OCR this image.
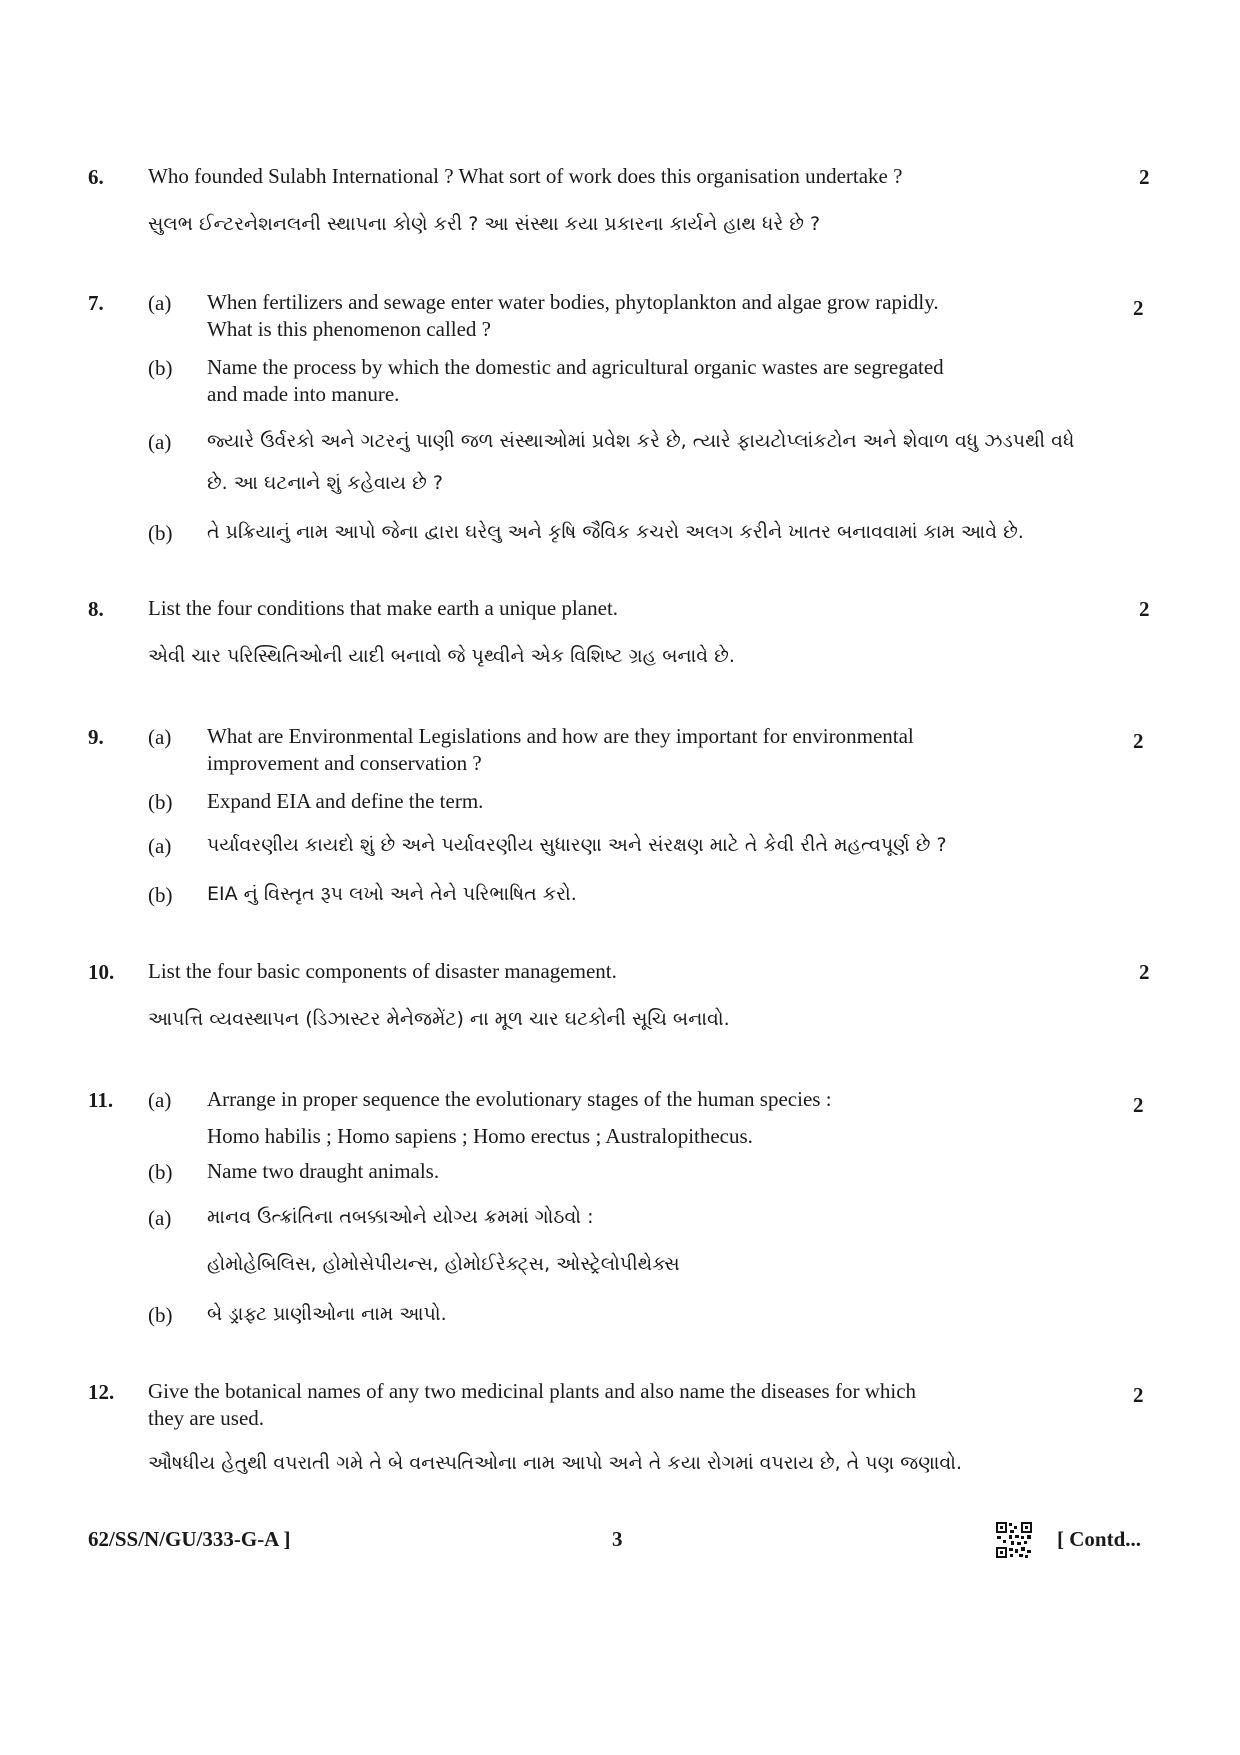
6. Who founded Sulabh International ? What sort of work does this organisation undertake ?	2
સુલભ ઈન્ટરનેશનલની સ્થાપના કોણે કરી ? આ સંસ્થા કયા પ્રકારના કાર્યને હાથ ધરે છે ?
7. (a) When fertilizers and sewage enter water bodies, phytoplankton and algae grow rapidly.	2
What is this phenomenon called ?
(b) Name the process by which the domestic and agricultural organic wastes are segregated
and made into manure.
(a) જ્યારે ઉર્વરકો અને ગટરનું પાણી જળ સંસ્થાઓમાં પ્રવેશ કરે છે, ત્યારે ફાયટોપ્લાંકટોન અને શેવાળ વધુ ઝડપથી વધે
છે. આ ઘટનાને શું કહેવાય છે ?
(b) તે પ્રક્રિયાનું નામ આપો જેના દ્વારા ઘરેલુ અને કૃષિ જૈવિક કચરો અલગ કરીને ખાતર બનાવવામાં કામ આવે છે.
8. List the four conditions that make earth a unique planet.	2
એવી ચાર પરિસ્થિતિઓની યાદી બનાવો જે પૃથ્વીને એક વિશિષ્ટ ગ્રહ બનાવે છે.
9. (a) What are Environmental Legislations and how are they important for environmental	2
improvement and conservation ?
(b) Expand EIA and define the term.
(a) પર્યાવરણીય કાયદો શું છે અને પર્યાવરણીય સુધારણા અને સંરક્ષણ માટે તે કેવી રીતે મહત્વપૂર્ણ છે ?
(b) EIA નું વિસ્તૃત રૂપ લખો અને તેને પરિભાષિત કરો.
10. List the four basic components of disaster management.	2
આપત્તિ વ્યવસ્થાપન (ડિઝાસ્ટર મેનેજમેંટ) ના મૂળ ચાર ઘટકોની સૂચિ બનાવો.
11. (a) Arrange in proper sequence the evolutionary stages of the human species :	2
Homo habilis ; Homo sapiens ; Homo erectus ; Australopithecus.
(b) Name two draught animals.
(a) માનવ ઉત્ક્રાંતિના તબક્કાઓને યોગ્ય ક્રમમાં ગોઠવો :
હોમોહેબિલિસ, હોમોસેપીયન્સ, હોમોઈરેક્ટ્સ, ઓસ્ટ્રેલોપીથેક્સ
(b) બે ડ્રાફ્ટ પ્રાણીઓના નામ આપો.
12. Give the botanical names of any two medicinal plants and also name the diseases for which	2
they are used.
ઔષધીય હેતુથી વપરાતી ગમે તે બે વનસ્પતિઓના નામ આપો અને તે કયા રોગમાં વપરાય છે, તે પણ જણાવો.
62/SS/N/GU/333-G-A ]	3	[ Contd...
